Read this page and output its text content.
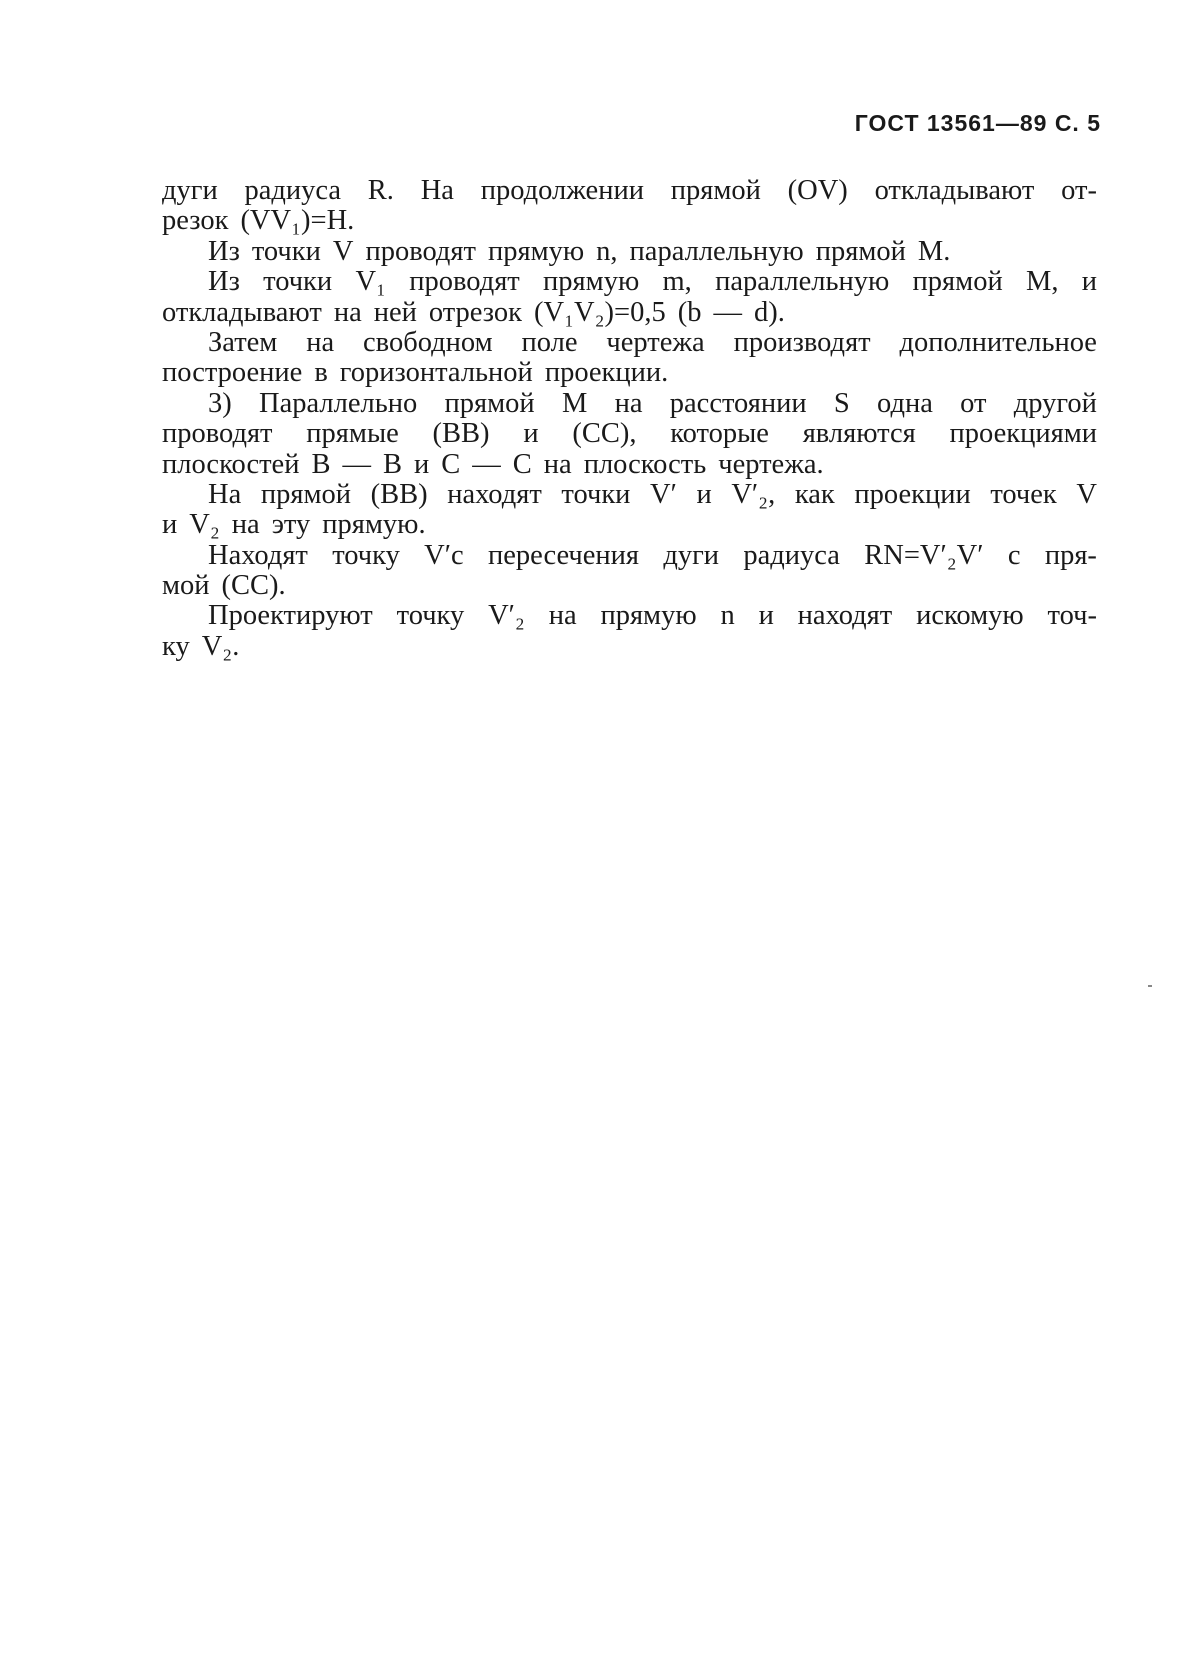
ГОСТ 13561—89 С. 5
дуги радиуса R. На продолжении прямой (OV) откладывают от-
резок (VV₁)=H.
Из точки V проводят прямую n, параллельную прямой M.
Из точки V₁ проводят прямую m, параллельную прямой M, и
откладывают на ней отрезок (V₁V₂)=0,5 (b — d).
Затем на свободном поле чертежа производят дополнительное
построение в горизонтальной проекции.
3) Параллельно прямой M на расстоянии S одна от другой
проводят прямые (BB) и (CC), которые являются проекциями
плоскостей B — B и C — C на плоскость чертежа.
На прямой (BB) находят точки V′ и V′₂, как проекции точек V
и V₂ на эту прямую.
Находят точку V′c пересечения дуги радиуса RN=V′₂V′ с пря-
мой (CC).
Проектируют точку V′₂ на прямую n и находят искомую точ-
ку V₂.
